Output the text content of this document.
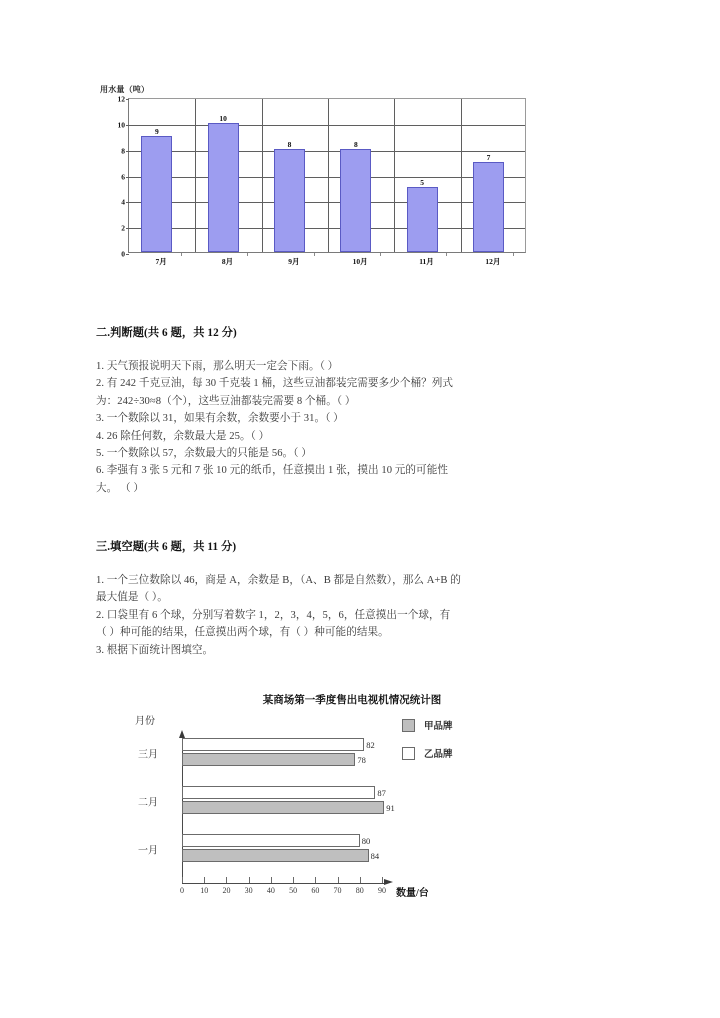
用水量（吨）
0
2
4
6
8
10
12
9
10
8	8
5
7
7月	8月	9月	10月	11月	12月
二.判断题(共 6 题，共 12 分)
1. 天气预报说明天下雨，那么明天一定会下雨。（ ）
2. 有 242 千克豆油，每 30 千克装 1 桶，这些豆油都装完需要多少个桶？列式
为：242÷30≈8（个），这些豆油都装完需要 8 个桶。（ ）
3. 一个数除以 31，如果有余数，余数要小于 31。（ ）
4. 26 除任何数，余数最大是 25。（ ）
5. 一个数除以 57，余数最大的只能是 56。（ ）
6. 李强有 3 张 5 元和 7 张 10 元的纸币，任意摸出 1 张，摸出 10 元的可能性
大。 （ ）
三.填空题(共 6 题，共 11 分)
1. 一个三位数除以 46，商是 A，余数是 B，（A、B 都是自然数），那么 A+B 的
最大值是（ ）。
2. 口袋里有 6 个球，分别写着数字 1，2，3，4，5，6，任意摸出一个球，有
（ ）种可能的结果，任意摸出两个球，有（ ）种可能的结果。
3. 根据下面统计图填空。
某商场第一季度售出电视机情况统计图
月份
数量/台
0 10 20 30 40 50 60 70 80 90
三月
82
78
二月
87
91
一月
80
84
甲品牌
乙品牌
